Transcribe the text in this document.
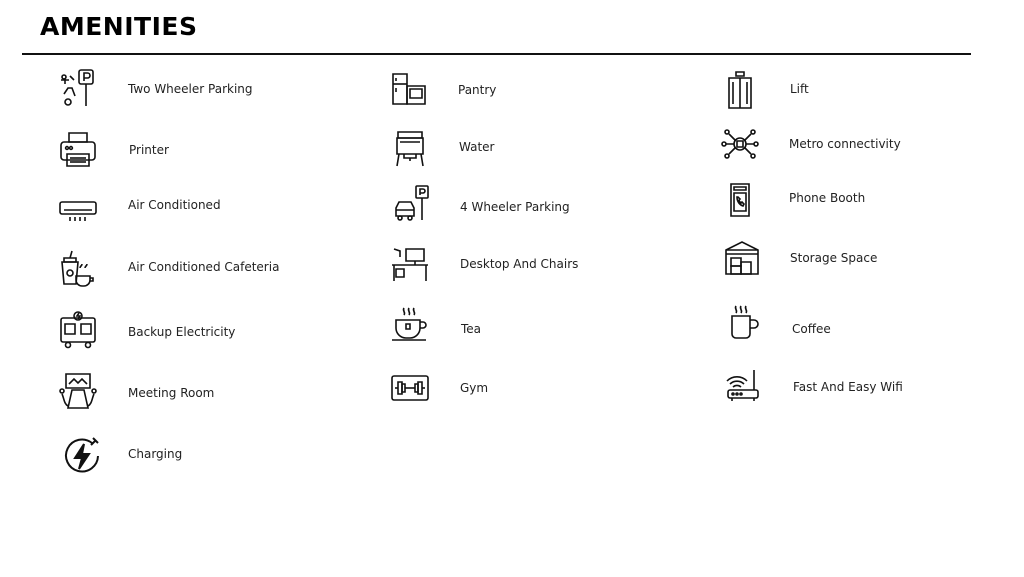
AMENITIES
Two Wheeler Parking
Printer
Air Conditioned
Air Conditioned Cafeteria
Backup Electricity
Meeting Room
Charging
Pantry
Water
4 Wheeler Parking
Desktop And Chairs
Tea
Gym
Lift
Metro connectivity
Phone Booth
Storage Space
Coffee
Fast And Easy Wifi
